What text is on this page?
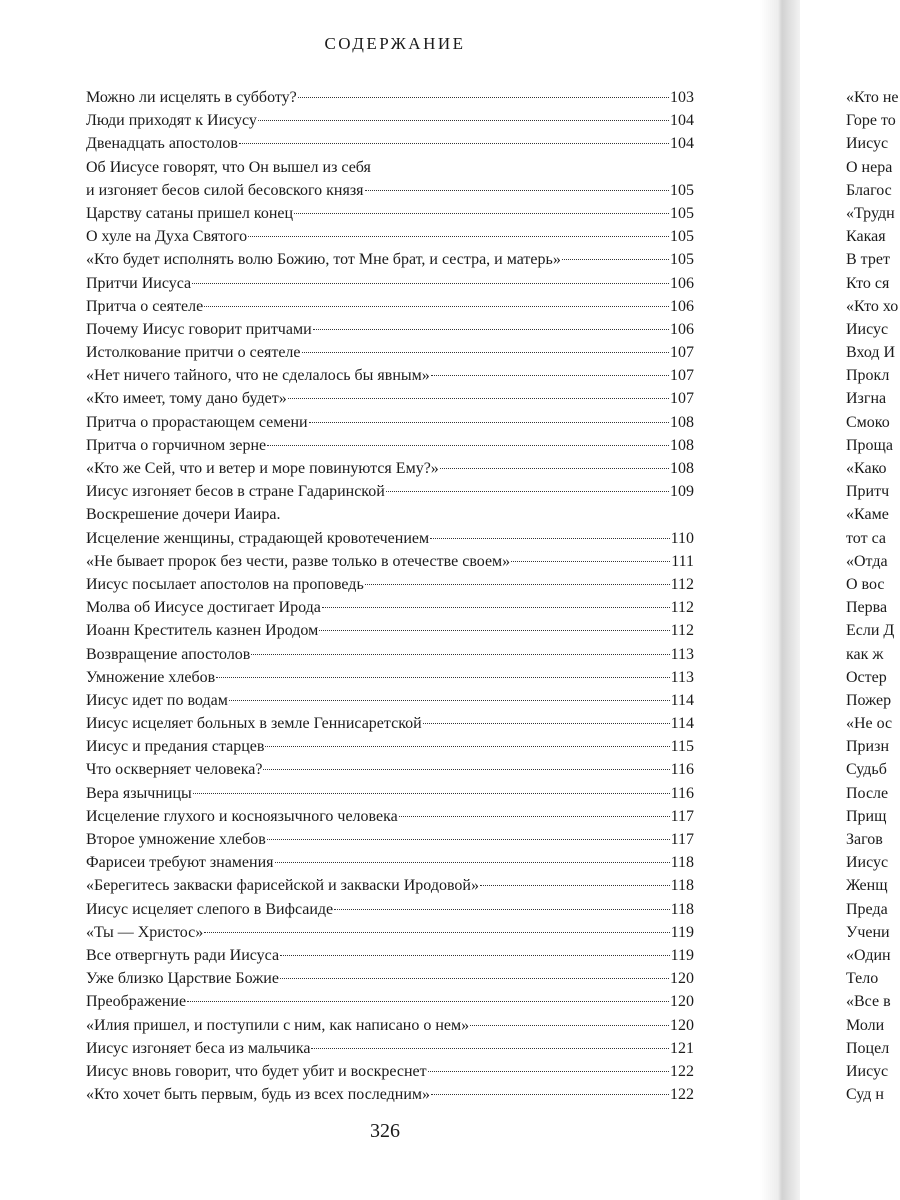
СОДЕРЖАНИЕ
Можно ли исцелять в субботу?	103
Люди приходят к Иисусу	104
Двенадцать апостолов	104
Об Иисусе говорят, что Он вышел из себя
и изгоняет бесов силой бесовского князя	105
Царству сатаны пришел конец	105
О хуле на Духа Святого	105
«Кто будет исполнять волю Божию, тот Мне брат, и сестра, и матерь»	105
Притчи Иисуса	106
Притча о сеятеле	106
Почему Иисус говорит притчами	106
Истолкование притчи о сеятеле	107
«Нет ничего тайного, что не сделалось бы явным»	107
«Кто имеет, тому дано будет»	107
Притча о прорастающем семени	108
Притча о горчичном зерне	108
«Кто же Сей, что и ветер и море повинуются Ему?»	108
Иисус изгоняет бесов в стране Гадаринской	109
Воскрешение дочери Иаира.
Исцеление женщины, страдающей кровотечением	110
«Не бывает пророк без чести, разве только в отечестве своем»	111
Иисус посылает апостолов на проповедь	112
Молва об Иисусе достигает Ирода	112
Иоанн Креститель казнен Иродом	112
Возвращение апостолов	113
Умножение хлебов	113
Иисус идет по водам	114
Иисус исцеляет больных в земле Геннисаретской	114
Иисус и предания старцев	115
Что оскверняет человека?	116
Вера язычницы	116
Исцеление глухого и косноязычного человека	117
Второе умножение хлебов	117
Фарисеи требуют знамения	118
«Берегитесь закваски фарисейской и закваски Иродовой»	118
Иисус исцеляет слепого в Вифсаиде	118
«Ты — Христос»	119
Все отвергнуть ради Иисуса	119
Уже близко Царствие Божие	120
Преображение	120
«Илия пришел, и поступили с ним, как написано о нем»	120
Иисус изгоняет беса из мальчика	121
Иисус вновь говорит, что будет убит и воскреснет	122
«Кто хочет быть первым, будь из всех последним»	122
«Кто не
Горе то
Иисус
О нера
Благос
«Трудн
Какая
В трет
Кто ся
«Кто хо
Иисус
Вход И
Прокл
Изгна
Смоко
Проща
«Како
Притч
«Каме
тот са
«Отда
О вос
Перва
Если Д
как ж
Остер
Пожер
«Не ос
Призн
Судьб
После
Прищ
Загов
Иисус
Женщ
Преда
Учени
«Один
Тело
«Все в
Моли
Поцел
Иисус
Суд н
326
